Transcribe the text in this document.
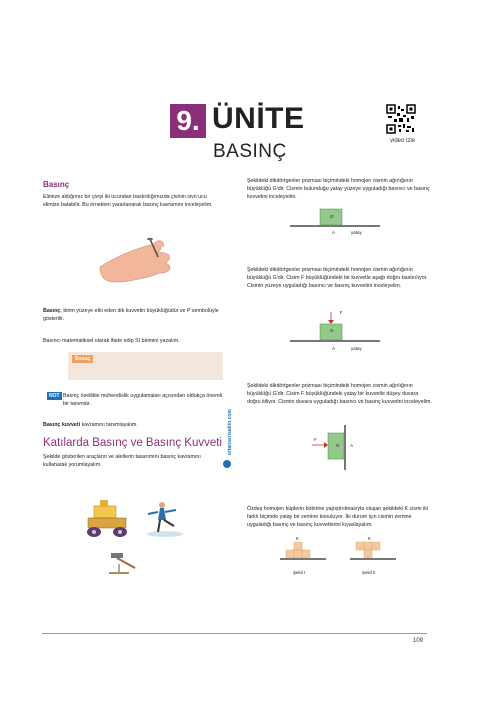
9. ÜNİTE
BASINÇ	video izle
Basınç
Elimize aldığımız bir çiviyi iki ucundan bastırdığımızda çivinin sivri ucu elimize batabilir. Bu örnekten yararlanarak basınç kavramını inceleyelim.
Basınç, birim yüzeye etki eden dik kuvvetin büyüklüğüdür ve P sembolüyle gösterilir.
Basıncı matematiksel olarak ifade edip SI birimini yazalım.
Sonuç
NOT Basınç özellikle mühendislik uygulamaları açısından oldukça önemli bir tanımdır.
Basınç kuvveti kavramını tanımlayalım.
Katılarda Basınç ve Basınç Kuvveti
Şekilde gösterilen araçların ve aletlerin tasarımını basınç kavramını kullanarak yorumlayalım.
Şekildeki dikdörtgenler prizması biçimindeki homojen cismin ağırlığının büyüklüğü G'dir. Cismin bulunduğu yatay yüzeye uyguladığı basıncı ve basınç kuvvetini inceleyelim.
G
A	yatay
Şekildeki dikdörtgenler prizması biçimindeki homojen cismin ağırlığının büyüklüğü G'dir. Cisim F büyüklüğündeki bir kuvvetle aşağı doğru bastırılıyor. Cismin yüzeye uyguladığı basıncı ve basınç kuvvetini inceleyelim.
F
G
A	yatay
Şekildeki dikdörtgenler prizması biçimindeki homojen cismin ağırlığının büyüklüğü G'dir. Cisim F büyüklüğündeki yatay bir kuvvetle düşey duvara doğru itiliyor. Cismin duvara uyguladığı basıncı ve basınç kuvvetini inceleyelim.
F
G A
Özdeş homojen küplerin birbirine yapıştırılmasıyla oluşan şekildeki K cismi iki farklı biçimde yatay bir zemine konuluyor. İki durum için cismin zemine uyguladığı basınç ve basınç kuvvetlerini kıyaslayalım.
K
Şekil I
K
Şekil II
ertanserisahin.com
109
